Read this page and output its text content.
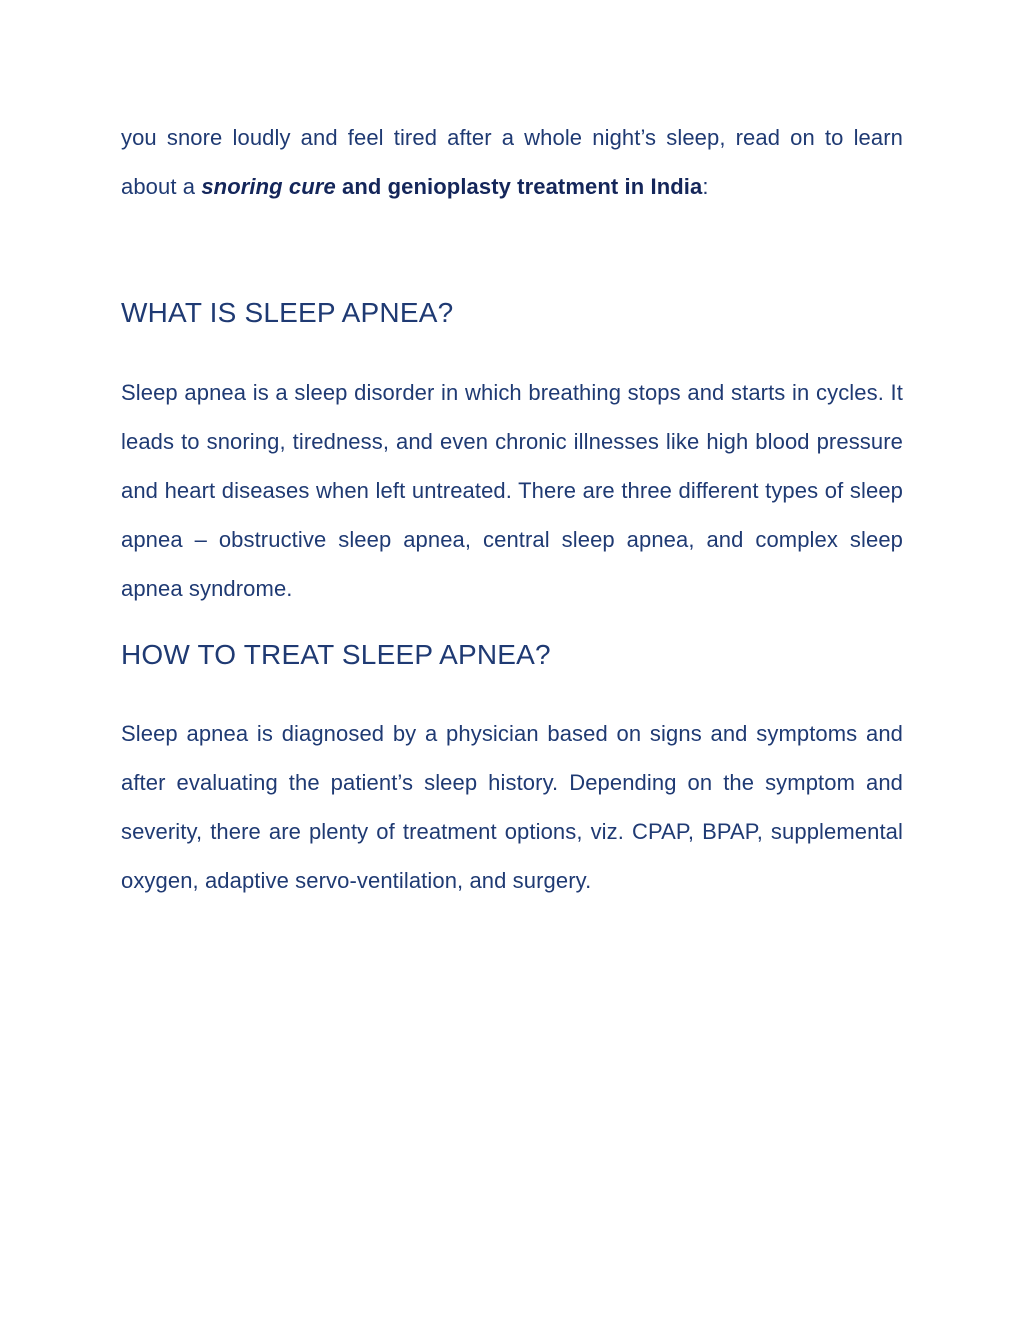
you snore loudly and feel tired after a whole night’s sleep, read on to learn about a snoring cure and genioplasty treatment in India:

WHAT IS SLEEP APNEA?

Sleep apnea is a sleep disorder in which breathing stops and starts in cycles. It leads to snoring, tiredness, and even chronic illnesses like high blood pressure and heart diseases when left untreated. There are three different types of sleep apnea – obstructive sleep apnea, central sleep apnea, and complex sleep apnea syndrome.

HOW TO TREAT SLEEP APNEA?

Sleep apnea is diagnosed by a physician based on signs and symptoms and after evaluating the patient’s sleep history. Depending on the symptom and severity, there are plenty of treatment options, viz. CPAP, BPAP, supplemental oxygen, adaptive servo-ventilation, and surgery.
